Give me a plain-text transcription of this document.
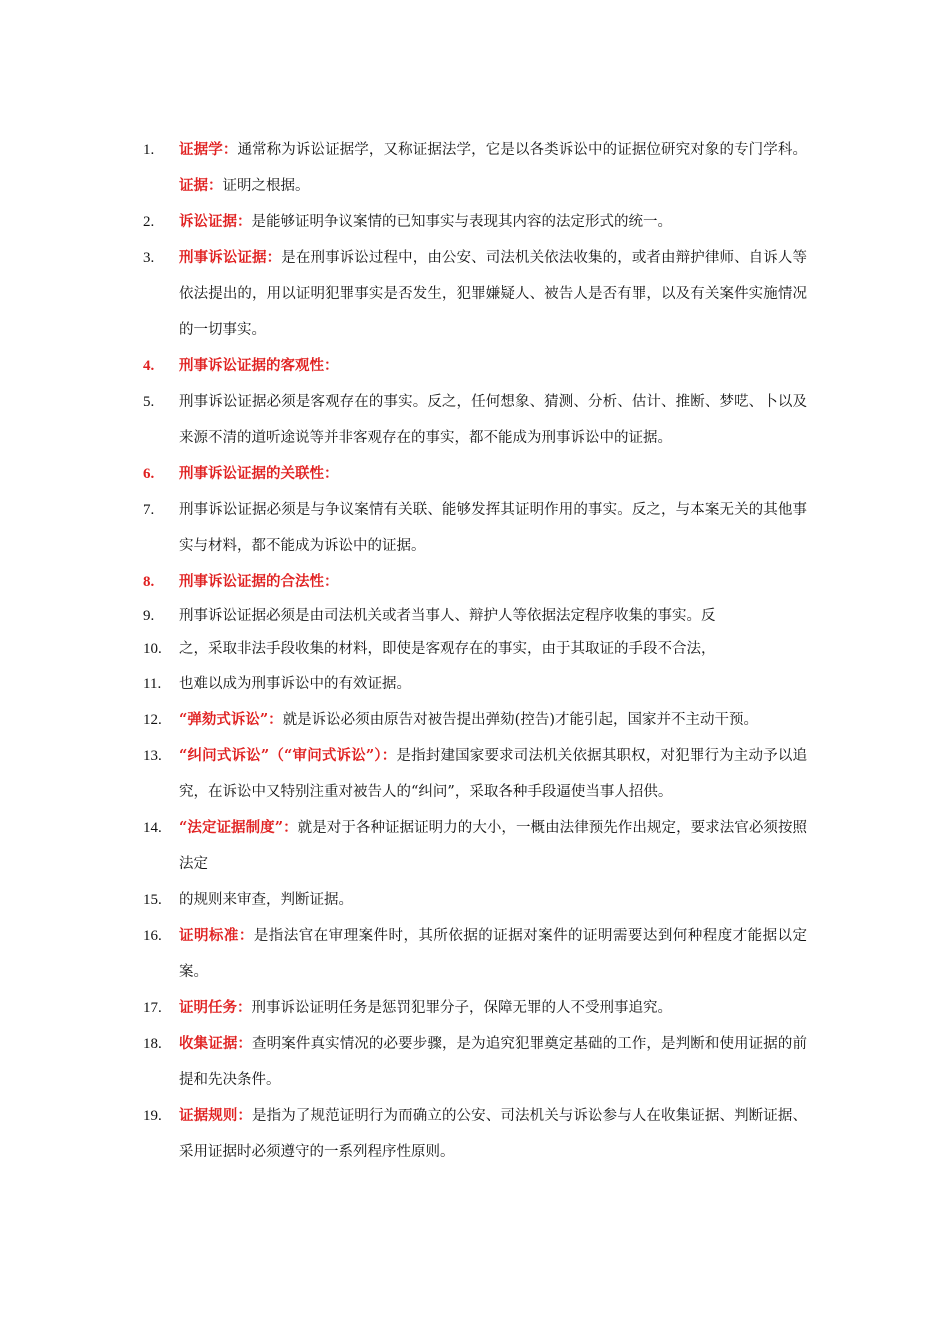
1.	证据学：通常称为诉讼证据学，又称证据法学，它是以各类诉讼中的证据位研究对象的专门学科。证据：证明之根据。
2.	诉讼证据：是能够证明争议案情的已知事实与表现其内容的法定形式的统一。
3.	刑事诉讼证据：是在刑事诉讼过程中，由公安、司法机关依法收集的，或者由辩护律师、自诉人等依法提出的，用以证明犯罪事实是否发生，犯罪嫌疑人、被告人是否有罪，以及有关案件实施情况的一切事实。
4.	刑事诉讼证据的客观性：
5.	刑事诉讼证据必须是客观存在的事实。反之，任何想象、猜测、分析、估计、推断、梦呓、卜以及来源不清的道听途说等并非客观存在的事实，都不能成为刑事诉讼中的证据。
6.	刑事诉讼证据的关联性：
7.	刑事诉讼证据必须是与争议案情有关联、能够发挥其证明作用的事实。反之，与本案无关的其他事实与材料，都不能成为诉讼中的证据。
8.	刑事诉讼证据的合法性：
9.	刑事诉讼证据必须是由司法机关或者当事人、辩护人等依据法定程序收集的事实。反
10.	之，采取非法手段收集的材料，即使是客观存在的事实，由于其取证的手段不合法，
11.	也难以成为刑事诉讼中的有效证据。
12.	“弹劾式诉讼”：就是诉讼必须由原告对被告提出弹劾(控告)才能引起，国家并不主动干预。
13.	“纠问式诉讼”（“审问式诉讼”）：是指封建国家要求司法机关依据其职权，对犯罪行为主动予以追究，在诉讼中又特别注重对被告人的“纠问”，采取各种手段逼使当事人招供。
14.	“法定证据制度”：就是对于各种证据证明力的大小，一概由法律预先作出规定，要求法官必须按照法定
15.	的规则来审查，判断证据。
16.	证明标准：是指法官在审理案件时，其所依据的证据对案件的证明需要达到何种程度才能据以定案。
17.	证明任务：刑事诉讼证明任务是惩罚犯罪分子，保障无罪的人不受刑事追究。
18.	收集证据：查明案件真实情况的必要步骤，是为追究犯罪奠定基础的工作，是判断和使用证据的前提和先决条件。
19.	证据规则：是指为了规范证明行为而确立的公安、司法机关与诉讼参与人在收集证据、判断证据、采用证据时必须遵守的一系列程序性原则。
